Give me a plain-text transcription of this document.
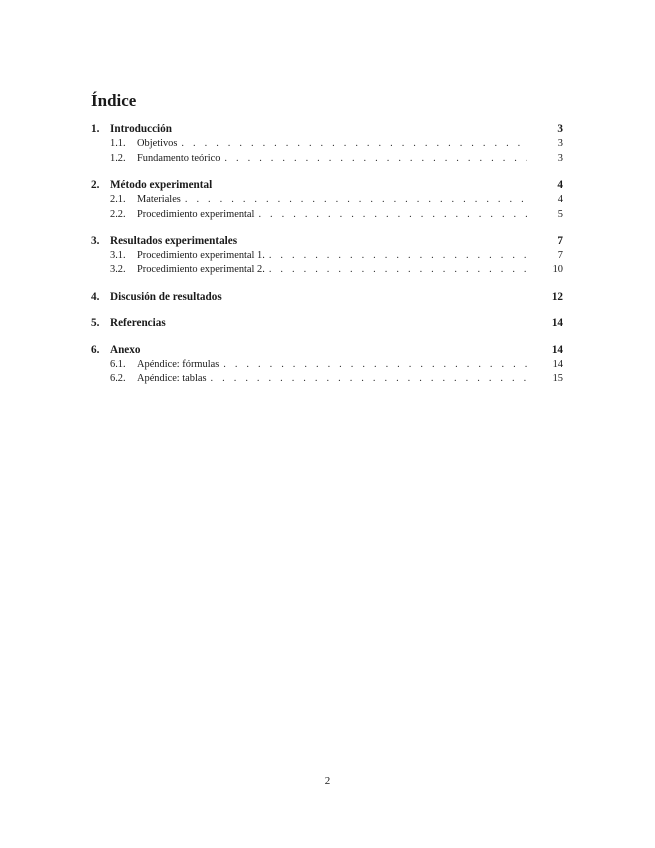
Índice
1. Introducción	3
1.1.	Objetivos . . .	3
1.2.	Fundamento teórico . . .	3
2. Método experimental	4
2.1.	Materiales . . .	4
2.2.	Procedimiento experimental . . .	5
3. Resultados experimentales	7
3.1.	Procedimiento experimental 1. . . .	7
3.2.	Procedimiento experimental 2. . . .	10
4. Discusión de resultados	12
5. Referencias	14
6. Anexo	14
6.1.	Apéndice: fórmulas . . .	14
6.2.	Apéndice: tablas . . .	15
2
